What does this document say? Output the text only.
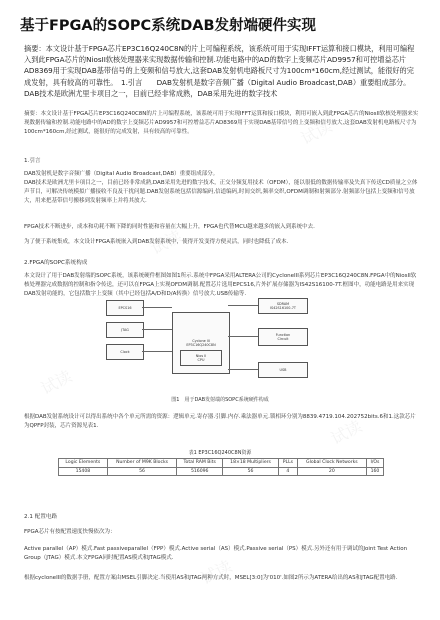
基于FPGA的SOPC系统DAB发射端硬件实现
摘要：本文设计基于FPGA芯片EP3C16Q240C8N的片上可编程系统，该系统可用于实现IFFT运算和接口模块，利用可编程入到此FPGA芯片的NiosII软核处理器来实现数据传输和控制.功能电路中的AD的数字上变频芯片AD9957和可控增益芯片AD8369用于实现DAB基带信号的上变频和信号放大,这套DAB发射机电路板尺寸为100cm*160cm,经过测试，能很好的完成发射，具有较高的可靠性。　1.引言　　DAB发射机是数字音频广播（Digital Audio Broadcast,DAB）重要组成部分。　　DAB技术是欧洲尤里卡项目之一，目前已经非常成熟，DAB采用先进的数字技术
摘要：本文设计基于FPGA芯片EP3C16Q240C8N的片上可编程系统，该系统可用于实现IFFT运算和接口模块，利用可嵌入到此FPGA芯片的NiosII软核处理器来实现数据传输和控制.功能电路中的AD的数字上变频芯片AD9957和可控增益芯片AD8369用于实现DAB基带信号的上变频和信号放大,这套DAB发射机电路板尺寸为100cm*160cm,经过测试，能很好的完成发射，具有较高的可靠性。
1.引言
DAB发射机是数字音频广播（Digital Audio Broadcast,DAB）重要组成部分。
DAB技术是欧洲尤里卡项目之一，目前已经非常成熟,DAB采用先进的数字技术，正交分频复用技术（OFDM），能以很低的数据传输率及失真下传送CD质量之立体声节目，可解决传统模拟广播接收不良及干扰问题.DAB发射系统包括信源编码,信道编码,时间交织,频率交织,OFDM调制和射频部分.射频部分包括上变频和信号放大，用来把基带信号搬移到发射频率上并将其放大.
FPGA技术不断进步，成本和功耗不断下降的同时性能和容量在大幅上升，FPGA也代替MCU越来越多的嵌入到系统中去.
为了便于系统集成，本文设计FPGA系统嵌入到DAB发射系统中，使得开发变得方便灵活，同时也降低了成本.
2.FPGA的SOPC系统构成
本文设计了用于DAB发射端的SOPC系统，该系统硬件框图如图1所示.系统中FPGA采用ALTERA公司的CycloneIII系列芯片EP3C16Q240C8N.FPGA中的NiosII软核处理器完成数据的控制和指令传送，还可以在FPGA上实现OFDM调制.配置芯片选用EPCS16,片外扩展存储器为IS42S16100-7T.框图中，功能电路是用来实现DAB发射功能的，它包括数字上变频（其中已经包括A/D和D/A转换）信号放大.USB传输等.
EPCS16
JTAG
Clock
Cyclone III
EP3C16Q240C8N
Nios II
CPU
SDRAM
IS42S16100-7T
Function
Circuit
USB
图1　用于DAB发射端的SOPC系统硬件构成
根据DAB发射系统设计可以得出系统中各个单元所需的资源：逻辑单元.寄存器.引脚.内存.乘法器单元.锁相环分别为8839.4719.104.202752bits.6和1.这款芯片为QPFP封装，芯片资源见表1.
表1 EP3C16Q240C8N资源
Logic Elements	Number of M9K Blocks	Total RAM Bits	18×18 Multipliers	PLLs	Global Clock Networks	I/Os
15408	56	516096	56	4	20	160
2.1 配置电路
FPGA芯片有按配置速度快慢依次为：
Active parallel（AP）模式.Fast passiveparallel（FPP）模式.Active serial（AS）模式.Passive serial（PS）模式.另外还有用于调试的Joint Test Action Group（JTAG）模式.本文FPGA同时配置AS模式和JTAG模式.
根据cycloneIII的数据手册，配置方案由MSEL引脚决定.当使用AS和JTAG两种方式时，MSEL[3:0]为'010'.如图2所示为ATERA给出的AS和JTAG配置电路.
试读
试读
试读
试读
试读
试读
